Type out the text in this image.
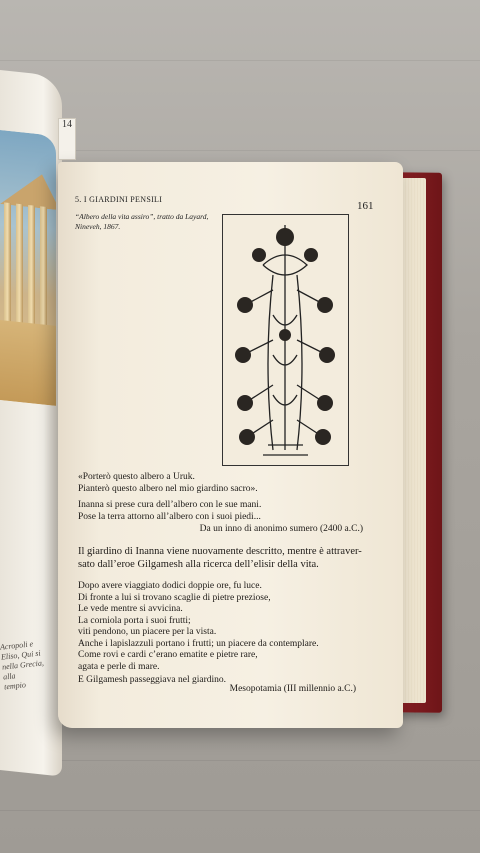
14
Acropoli e Eliso, Qui si
nella Grecia, alla
tempio
5. I GIARDINI PENSILI
161
“Albero della vita assiro”, tratto da Layard,
Nineveh, 1867.
«Porterò questo albero a Uruk.
Pianterò questo albero nel mio giardino sacro».
Inanna si prese cura dell’albero con le sue mani.
Pose la terra attorno all’albero con i suoi piedi...
Da un inno di anonimo sumero (2400 a.C.)
Il giardino di Inanna viene nuovamente descritto, mentre è attraver-
sato dall’eroe Gilgamesh alla ricerca dell’elisir della vita.
Dopo avere viaggiato dodici doppie ore, fu luce.
Di fronte a lui si trovano scaglie di pietre preziose,
Le vede mentre si avvicina.
La corniola porta i suoi frutti;
viti pendono, un piacere per la vista.
Anche i lapislazzuli portano i frutti; un piacere da contemplare.
Come rovi e cardi c’erano ematite e pietre rare,
agata e perle di mare.
E Gilgamesh passeggiava nel giardino.
Mesopotamia (III millennio a.C.)
